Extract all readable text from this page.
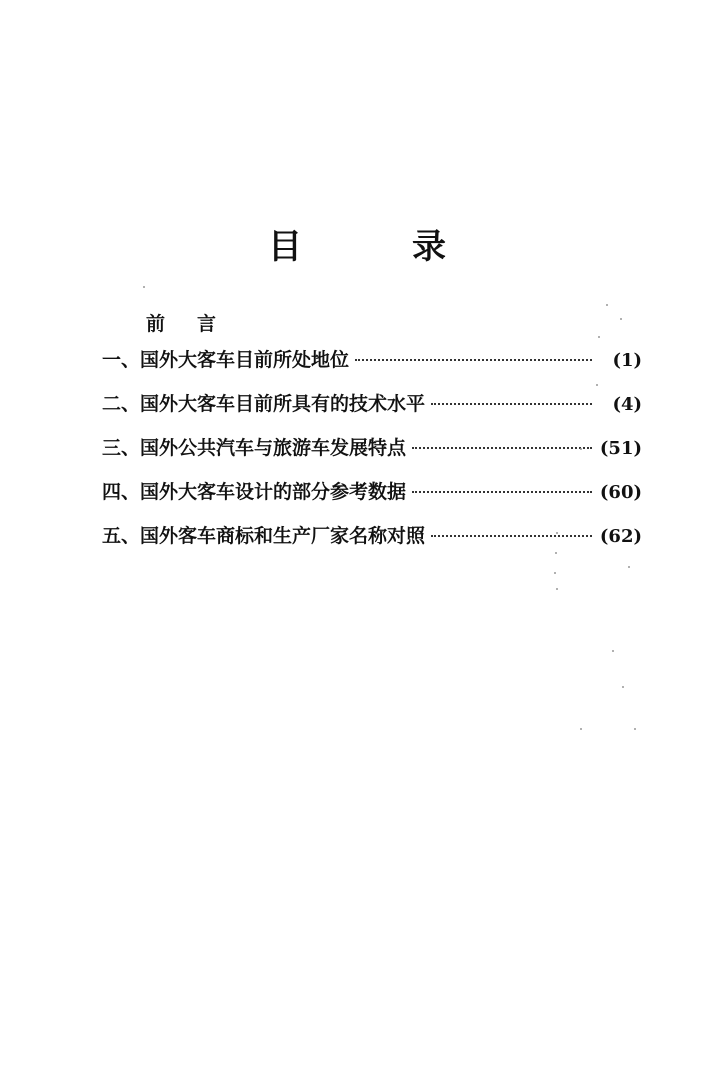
目	录
前 言
一、 国外大客车目前所处地位	(1)
二、 国外大客车目前所具有的技术水平	(4)
三、 国外公共汽车与旅游车发展特点	(51)
四、 国外大客车设计的部分参考数据	(60)
五、 国外客车商标和生产厂家名称对照	(62)
